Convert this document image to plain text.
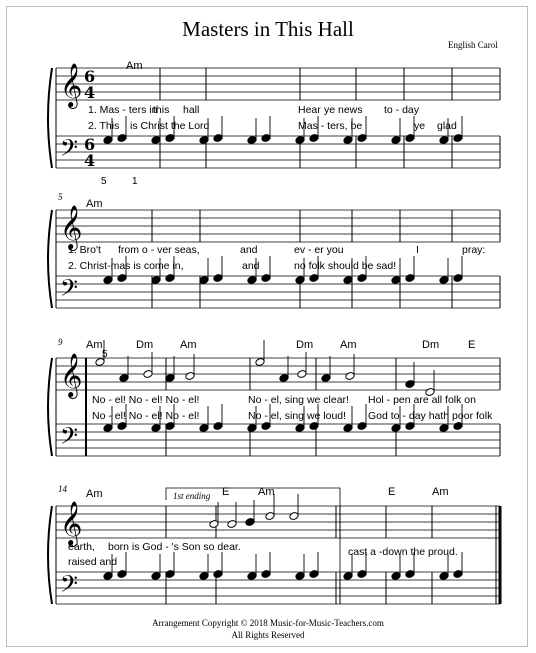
Masters in This Hall
English Carol
𝄞
𝄢
6
4
6
4
𝄞
𝄢
𝄞
𝄢
𝄞
𝄢
Am
1. Mas - ters in
this hall	Hear ye news to - day
2. This is Christ the Lord	Mas - ters, be	ye glad
5	1
5
Am
1. Bro't from o - ver seas,	and	ev - er you	I	pray:
2. Christ-mas is come in,	and	no folk should be sad!
9 Am	Dm Am	Dm Am	Dm	E
5
No - el! No - el! No - el!	No - el, sing we clear! Hol - pen are all folk on
No - el! No - el! No - el!	No - el, sing we loud! God to - day hath poor folk
14 Am	1st ending E	Am	E	Am
earth, born is God - 's Son so dear.	cast a -down the proud.
raised and
Arrangement Copyright © 2018 Music-for-Music-Teachers.com
All Rights Reserved
